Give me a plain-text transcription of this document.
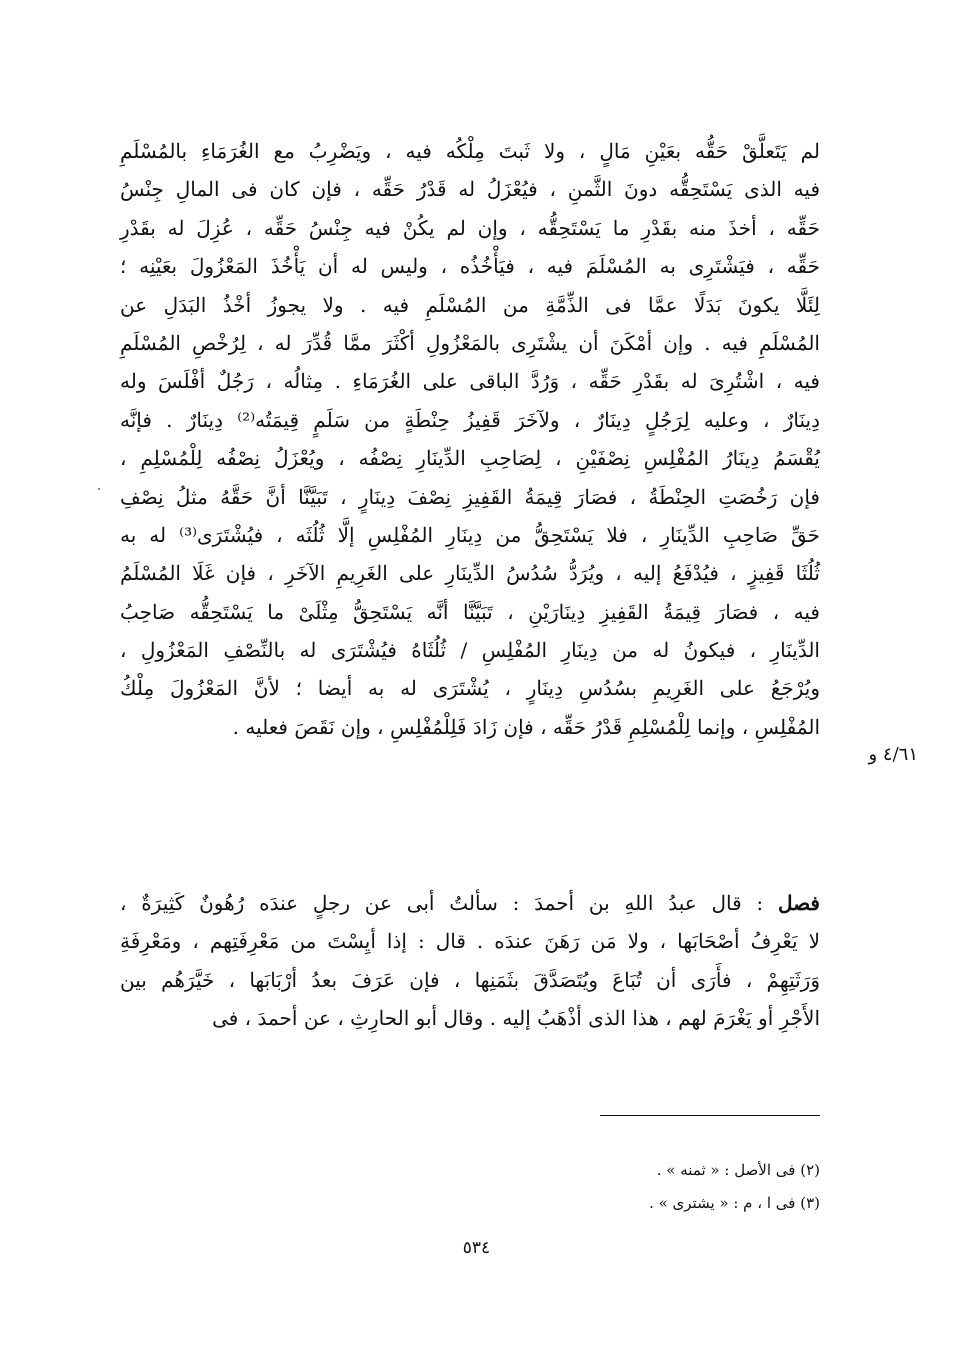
لم يَتَعلَّقْ حَقُّه بعَيْنِ مَالٍ ، ولا ثَبتَ مِلْكُه فيه ، ويَضْرِبُ مع الغُرَمَاءِ بالمُسْلَمِ
فيه الذى يَسْتَحِقُّه دونَ الثَّمنِ ، فيُعْزَلُ له قَدْرُ حَقِّه ، فإن كان فى المالِ جِنْسُ
حَقِّه ، أخذَ منه بقَدْرِ ما يَسْتَحِقُّه ، وإن لم يكُنْ فيه جِنْسُ حَقِّه ، عُزِلَ له بقَدْرِ
حَقِّه ، فيَشْتَرِى به المُسْلَمَ فيه ، فيَأْخُذُه ، وليس له أن يَأْخُذَ المَعْزُولَ بعَيْنِه ؛
لِئَلَّا يكونَ بَدَلًا عمَّا فى الذِّمَّةِ من المُسْلَمِ فيه . ولا يجوزُ أخْذُ البَدَلِ عن
المُسْلَمِ فيه . وإن أمْكَنَ أن يشْتَرِى بالمَعْزُولِ أكْثَرَ ممَّا قُدِّرَ له ، لِرُخْصِ المُسْلَمِ
فيه ، اشْتُرِىَ له بقَدْرِ حَقِّه ، وَرُدَّ الباقى على الغُرَمَاءِ . مِثالُه ، رَجُلٌ أفْلَسَ وله
دِينَارٌ ، وعليه لِرَجُلٍ دِينَارٌ ، ولآخَرَ قَفِيزُ حِنْطَةٍ من سَلَمٍ قِيمَتُه⁽²⁾ دِينَارٌ . فإنَّه
يُقْسَمُ دِينَارُ المُفْلِسِ نِصْفَيْنِ ، لِصَاحِبِ الدِّينَارِ نِصْفُه ، ويُعْزَلُ نِصْفُه لِلْمُسْلِمِ ،
فإن رَخُصَتِ الحِنْطَةُ ، فصَارَ قِيمَةُ القَفِيزِ نِصْفَ دِينَارٍ ، تَبَيَّنَّا أنَّ حَقَّهُ مثلُ نِصْفِ
حَقِّ صَاحِبِ الدِّينَارِ ، فلا يَسْتَحِقُّ من دِينَارِ المُفْلِسِ إلَّا ثُلُثَه ، فيُشْتَرَى⁽³⁾ له به
ثُلُثَا قَفِيزٍ ، فيُدْفَعُ إليه ، ويُرَدُّ سُدُسُ الدِّينَارِ على الغَرِيمِ الآخَرِ ، فإن غَلَا المُسْلَمُ
فيه ، فصَارَ قِيمَةُ القَفِيزِ دِينَارَيْنِ ، تَبَيَّنَّا أنَّه يَسْتَحِقُّ مِثْلَىْ ما يَسْتَحِقُّه صَاحِبُ
الدِّينَارِ ، فيكونُ له من دِينَارِ المُفْلِسِ / ثُلُثَاهُ فيُشْتَرَى له بالنِّصْفِ المَعْزُولِ ،
ويُرْجَعُ على الغَرِيمِ بسُدُسِ دِينَارٍ ، يُشْتَرَى له به أيضا ؛ لأنَّ المَعْزُولَ مِلْكُ
المُفْلِسِ ، وإنما لِلْمُسْلِمِ قَدْرُ حَقِّه ، فإن زَادَ فَلِلْمُفْلِسِ ، وإن نَقَصَ فعليه .
فصل : قال عبدُ اللهِ بن أحمدَ : سألتُ أبى عن رجلٍ عندَه رُهُونٌ كَثِيرَةٌ ،
لا يَعْرِفُ أصْحَابَها ، ولا مَن رَهَنَ عندَه . قال : إذا أيِسْتَ من مَعْرِفَتِهم ، ومَعْرِفَةِ
وَرَثَتِهِمْ ، فأَرَى أن تُبَاعَ ويُتَصَدَّقَ بثَمَنِها ، فإن عَرَفَ بعدُ أرْبَابَها ، خَيَّرَهُم بين
الأَجْرِ أو يَغْرَمَ لهم ، هذا الذى أذْهَبُ إليه . وقال أبو الحارِثِ ، عن أحمدَ ، فى
٤/٦١ و
(٢) فى الأصل : « ثمنه » .
(٣) فى ا ، م : « يشترى » .
٥٣٤
